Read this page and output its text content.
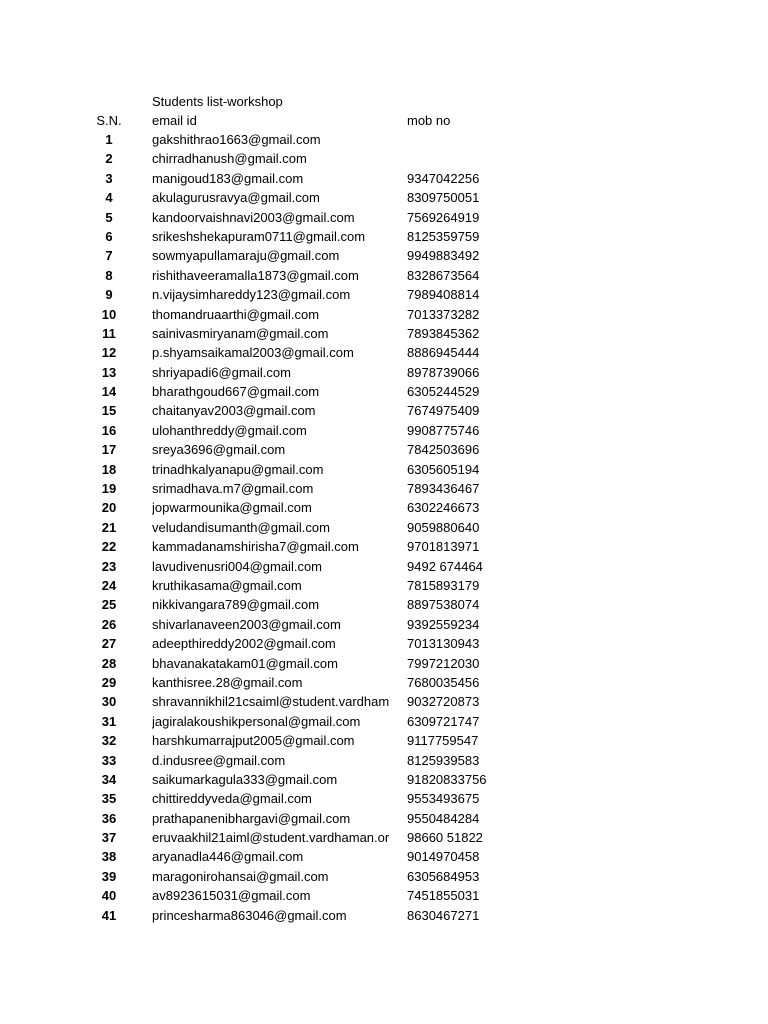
Students list-workshop
S.N. email id	mob no
1	gakshithrao1663@gmail.com
2	chirradhanush@gmail.com
3	manigoud183@gmail.com	9347042256
4	akulagurusravya@gmail.com	8309750051
5	kandoorvaishnavi2003@gmail.com	7569264919
6	srikeshshekapuram0711@gmail.com	8125359759
7	sowmyapullamaraju@gmail.com	9949883492
8	rishithaveeramalla1873@gmail.com	8328673564
9	n.vijaysimhareddy123@gmail.com	7989408814
10	thomandruaarthi@gmail.com	7013373282
11	sainivasmiryanam@gmail.com	7893845362
12	p.shyamsaikamal2003@gmail.com	8886945444
13	shriyapadi6@gmail.com	8978739066
14	bharathgoud667@gmail.com	6305244529
15	chaitanyav2003@gmail.com	7674975409
16	ulohanthreddy@gmail.com	9908775746
17	sreya3696@gmail.com	7842503696
18	trinadhkalyanapu@gmail.com	6305605194
19	srimadhava.m7@gmail.com	7893436467
20	jopwarmounika@gmail.com	6302246673
21	veludandisumanth@gmail.com	9059880640
22	kammadanamshirisha7@gmail.com	9701813971
23	lavudivenusri004@gmail.com	9492 674464
24	kruthikasama@gmail.com	7815893179
25	nikkivangara789@gmail.com	8897538074
26	shivarlanaveen2003@gmail.com	9392559234
27	adeepthireddy2002@gmail.com	7013130943
28	bhavanakatakam01@gmail.com	7997212030
29	kanthisree.28@gmail.com	7680035456
30	shravannikhil21csaiml@student.vardham	9032720873
31	jagiralakoushikpersonal@gmail.com	6309721747
32	harshkumarrajput2005@gmail.com	9117759547
33	d.indusree@gmail.com	8125939583
34	saikumarkagula333@gmail.com	91820833756
35	chittireddyveda@gmail.com	9553493675
36	prathapanenibhargavi@gmail.com	9550484284
37	eruvaakhil21aiml@student.vardhaman.or	98660 51822
38	aryanadla446@gmail.com	9014970458
39	maragonirohansai@gmail.com	6305684953
40	av8923615031@gmail.com	7451855031
41	princesharma863046@gmail.com	8630467271
